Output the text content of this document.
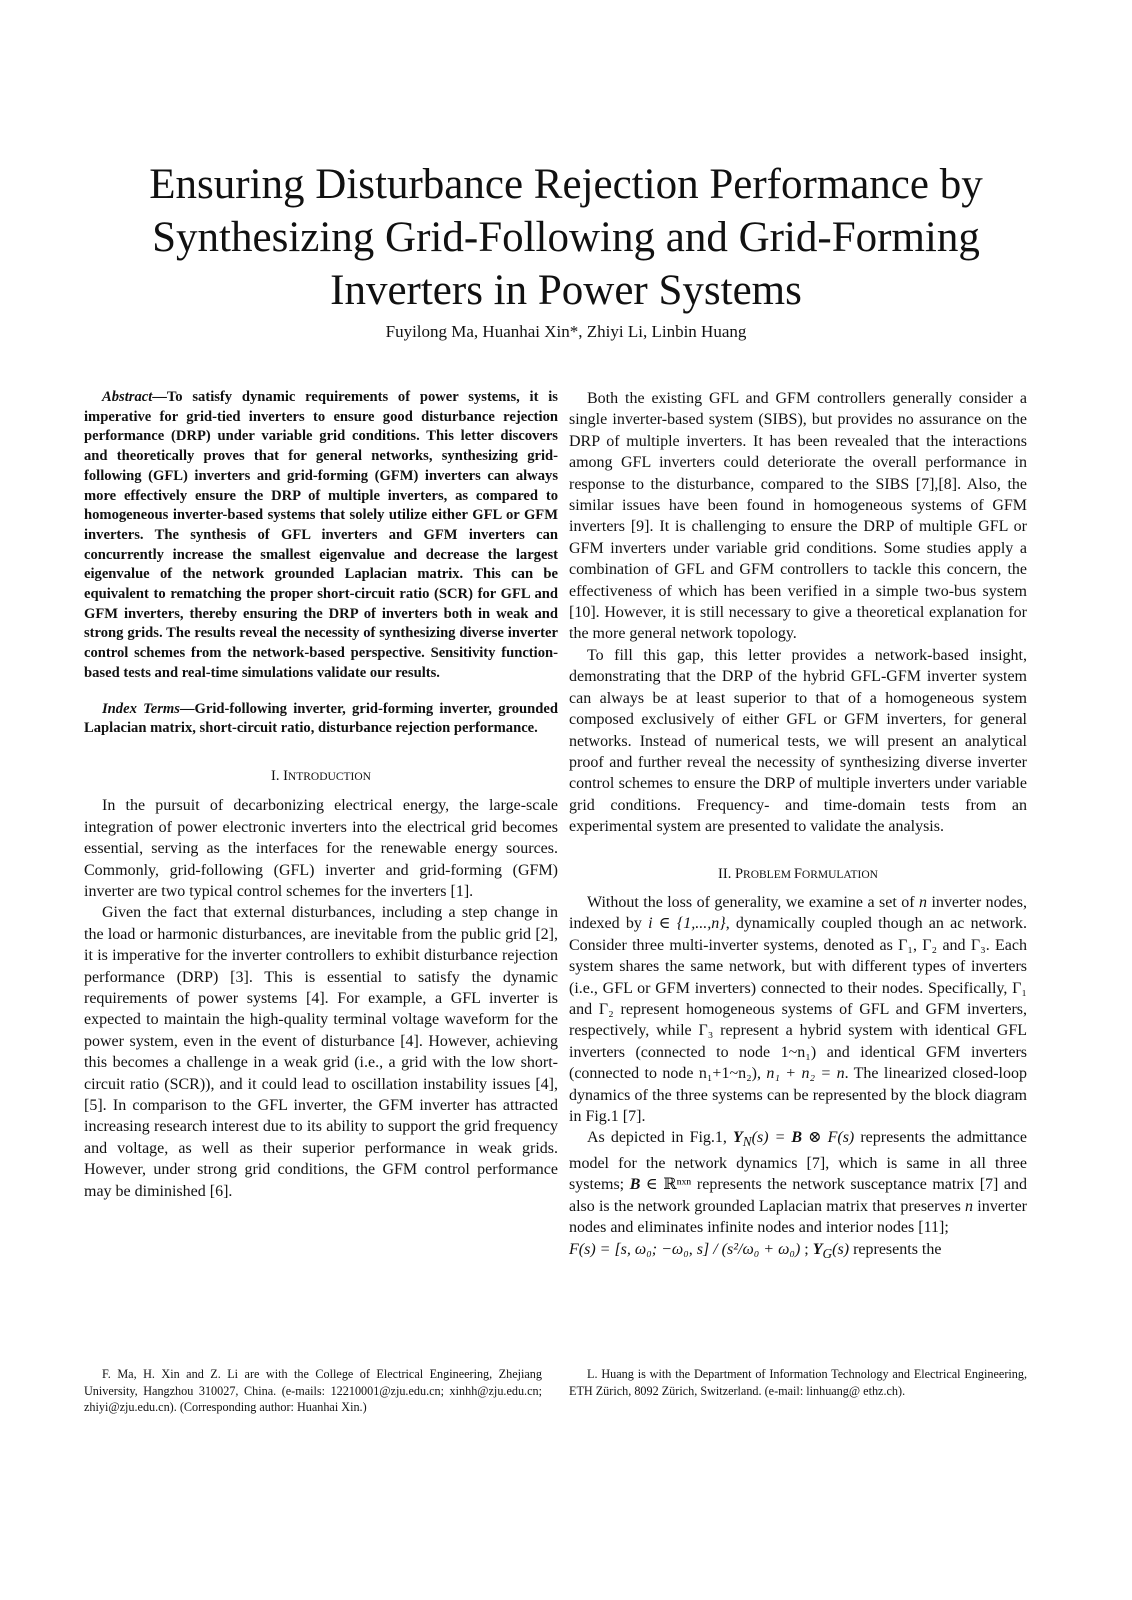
Ensuring Disturbance Rejection Performance by Synthesizing Grid-Following and Grid-Forming Inverters in Power Systems
Fuyilong Ma, Huanhai Xin*, Zhiyi Li, Linbin Huang

Abstract—To satisfy dynamic requirements of power systems, it is imperative for grid-tied inverters to ensure good disturbance rejection performance (DRP) under variable grid conditions. This letter discovers and theoretically proves that for general networks, synthesizing grid-following (GFL) inverters and grid-forming (GFM) inverters can always more effectively ensure the DRP of multiple inverters, as compared to homogeneous inverter-based systems that solely utilize either GFL or GFM inverters. The synthesis of GFL inverters and GFM inverters can concurrently increase the smallest eigenvalue and decrease the largest eigenvalue of the network grounded Laplacian matrix. This can be equivalent to rematching the proper short-circuit ratio (SCR) for GFL and GFM inverters, thereby ensuring the DRP of inverters both in weak and strong grids. The results reveal the necessity of synthesizing diverse inverter control schemes from the network-based perspective. Sensitivity function-based tests and real-time simulations validate our results.

Index Terms—Grid-following inverter, grid-forming inverter, grounded Laplacian matrix, short-circuit ratio, disturbance rejection performance.

I. INTRODUCTION

In the pursuit of decarbonizing electrical energy, the large-scale integration of power electronic inverters into the electrical grid becomes essential, serving as the interfaces for the renewable energy sources. Commonly, grid-following (GFL) inverter and grid-forming (GFM) inverter are two typical control schemes for the inverters [1].

Given the fact that external disturbances, including a step change in the load or harmonic disturbances, are inevitable from the public grid [2], it is imperative for the inverter controllers to exhibit disturbance rejection performance (DRP) [3]. This is essential to satisfy the dynamic requirements of power systems [4]. For example, a GFL inverter is expected to maintain the high-quality terminal voltage waveform for the power system, even in the event of disturbance [4]. However, achieving this becomes a challenge in a weak grid (i.e., a grid with the low short-circuit ratio (SCR)), and it could lead to oscillation instability issues [4],[5]. In comparison to the GFL inverter, the GFM inverter has attracted increasing research interest due to its ability to support the grid frequency and voltage, as well as their superior performance in weak grids. However, under strong grid conditions, the GFM control performance may be diminished [6].

Both the existing GFL and GFM controllers generally consider a single inverter-based system (SIBS), but provides no assurance on the DRP of multiple inverters. It has been revealed that the interactions among GFL inverters could deteriorate the overall performance in response to the disturbance, compared to the SIBS [7],[8]. Also, the similar issues have been found in homogeneous systems of GFM inverters [9]. It is challenging to ensure the DRP of multiple GFL or GFM inverters under variable grid conditions. Some studies apply a combination of GFL and GFM controllers to tackle this concern, the effectiveness of which has been verified in a simple two-bus system [10]. However, it is still necessary to give a theoretical explanation for the more general network topology.

To fill this gap, this letter provides a network-based insight, demonstrating that the DRP of the hybrid GFL-GFM inverter system can always be at least superior to that of a homogeneous system composed exclusively of either GFL or GFM inverters, for general networks. Instead of numerical tests, we will present an analytical proof and further reveal the necessity of synthesizing diverse inverter control schemes to ensure the DRP of multiple inverters under variable grid conditions. Frequency- and time-domain tests from an experimental system are presented to validate the analysis.

II. PROBLEM FORMULATION

Without the loss of generality, we examine a set of n inverter nodes, indexed by i ∈ {1,...,n}, dynamically coupled though an ac network. Consider three multi-inverter systems, denoted as Γ₁, Γ₂ and Γ₃. Each system shares the same network, but with different types of inverters (i.e., GFL or GFM inverters) connected to their nodes. Specifically, Γ₁ and Γ₂ represent homogeneous systems of GFL and GFM inverters, respectively, while Γ₃ represent a hybrid system with identical GFL inverters (connected to node 1~n₁) and identical GFM inverters (connected to node n₁+1~n₂), n₁ + n₂ = n. The linearized closed-loop dynamics of the three systems can be represented by the block diagram in Fig.1 [7].

As depicted in Fig.1, $Y_N(s) = B$ ⊗ F(s) represents the admittance model for the network dynamics [7], which is same in all three systems; B ∈ ℝⁿˣⁿ represents the network susceptance matrix [7] and also is the network grounded Laplacian matrix that preserves n inverter nodes and eliminates infinite nodes and interior nodes [11];

F(s) = [s, ω₀; −ω₀, s] / (s²/ω₀ + ω₀) ; $Y_G(s)$ represents the

F. Ma, H. Xin and Z. Li are with the College of Electrical Engineering, Zhejiang University, Hangzhou 310027, China. (e-mails: 12210001@zju.edu.cn; xinhh@zju.edu.cn; zhiyi@zju.edu.cn). (Corresponding author: Huanhai Xin.)
L. Huang is with the Department of Information Technology and Electrical Engineering, ETH Zürich, 8092 Zürich, Switzerland. (e-mail: linhuang@ ethz.ch).
